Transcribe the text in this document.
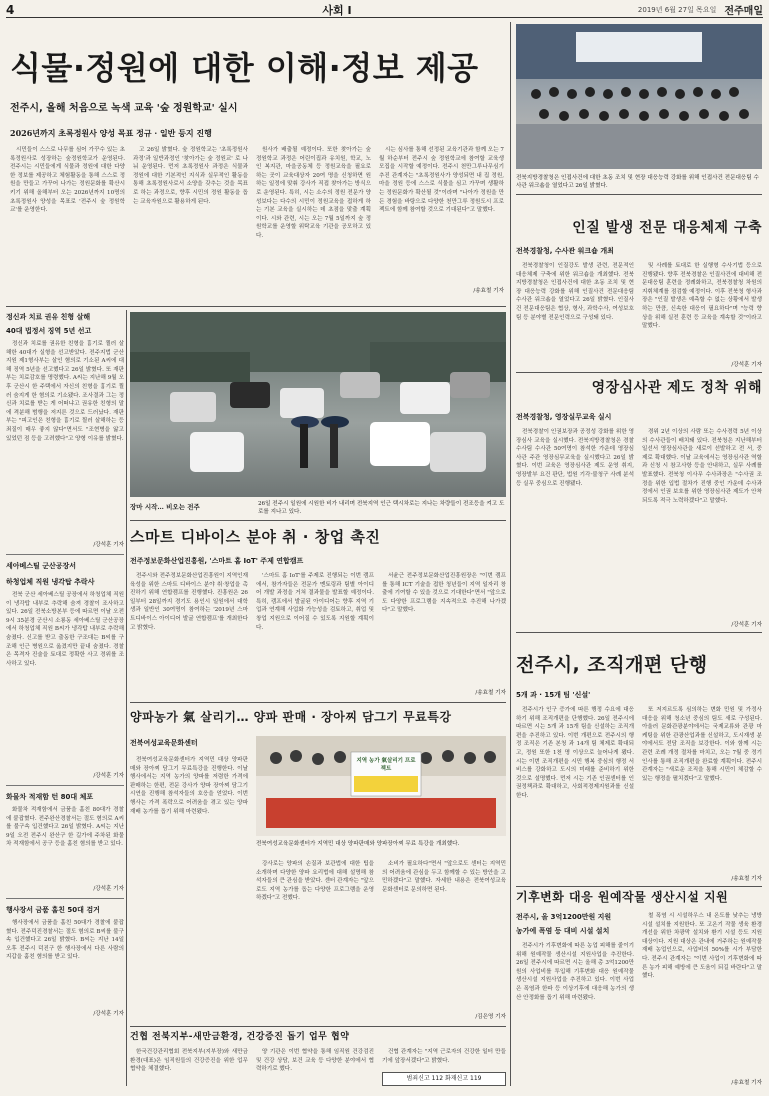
4	사회 Ⅰ	2019년 6월 27일 목요일 전주매일
식물·정원에 대한 이해·정보 제공
전주시, 올해 처음으로 녹색 교육 '숲 정원학교' 실시
2026년까지 초록정원사 양성 목표 정규 · 일반 등지 진행

시민들이 스스로 나무를 심어 가꾸수 있는 초록정원사로 성장하는 숲정원학교가 운영된다. 전주시는 시민들에게 식물과 정원에 대한 다양한 정보를 제공하고 체험활동을 통해 스스로 정원을 만들고 가꾸어 나가는 정원문화를 확산시키기 위해 올해부터 오는 2026년까지 10명의 초록정원사 양성을 목표로 '전주시 숲 정원학교'를 운영한다.

고 26일 밝혔다. 숲 정원학교는 '초록정원사 과정'과 일반과정인 '찾아가는 숲 정원교' 로 나눠 운영된다. 먼저 초록정원사 과정은 식물과 정원에 대한 기본적인 지식과 실무적인 활동을 통해 초록정원사로서 소양을 갖추는 것을 목표로 하는 과정으로, 향후 시민의 정원 활동을 돕는 교육자원으로 활용하게 된다.

원사가 배출될 예정이다. 또한 찾아가는 숲 정원학교 과정은 어린이집과 유치원, 학교, 노인 복지관, 마을공동체 등 정원교육을 필요로 하는 곳이 교육대상자 20여 명을 신청하면 원하는 일정에 맞춰 강사가 직접 찾아가는 방식으로 운영된다. 특히, 시는 소수의 정원 전문가 양성보다는 다수의 시민이 정원교육을 접하게 하는 기본 교육을 실시하는 데 초점을 맞출 계획이다. 시와 관련, 시는 오는 7월 5일까지 숲 정원학교를 운영할 위탁교육 기관을 공모하고 있다.

시는 심사를 통해 선정된 교육기관과 함께 오는 7월 하순부터 전주시 숲 정원학교에 참여할 교육생 모집을 시작할 예정이다. 전주시 천만그루나무심기추진 관계자는 "초록정원사가 양성되면 내 집 정원, 마을 정원 등에 스스로 식물을 심고 가꾸며 생활하는 정원문화가 확산될 것"이라며 "나아가 정원을 만든 경험을 바탕으로 다양한 천만그루 정원도시 프로젝트에 함께 참여할 것으로 기대된다"고 말했다.

/송효철 기자
정신과 치료 권유 친형 살해
40대 법정서 징역 5년 선고

정신과 치료를 권유한 친형을 흉기로 찔러 살해한 40대가 실형을 선고받았다. 전주지법 군산지원 제1형사부는 살인 혐의로 기소된 A씨에 대해 징역 5년을 선고했다고 26일 밝혔다. 또 재판부는 치료감호를 명령했다. A씨는 지난해 9월 오후 군산시 한 주택에서 자신의 친형을 흉기로 찔러 숨지게 한 혐의로 기소됐다. 조사결과 그는 정신과 치료를 받는 게 어떠냐고 권유한 친형의 말에 격분해 범행을 저지른 것으로 드러났다. 재판부는 "피고인은 친형을 흉기로 찔러 살해하는 등 죄질이 매우 좋지 않다"면서도 "조현병을 앓고 있었던 점 등을 고려했다"고 양형 이유를 밝혔다.

/강석훈 기자
세아베스틸 군산공장서
하청업체 직원 냉각탑 추락사

전북 군산 세아베스틸 공장에서 하청업체 직원이 냉각탑 내부로 추락해 숨져 경찰이 조사하고 있다. 26일 전북소방본부 등에 따르면 이날 오전 9시 35분경 군산시 소룡동 세아베스틸 군산공장에서 하청업체 직원 B씨가 냉각탑 내부로 추락해 숨졌다. 신고를 받고 출동한 구조대는 B씨를 구조해 인근 병원으로 옮겼지만 끝내 숨졌다. 경찰은 목격자 진술을 토대로 정확한 사고 경위를 조사하고 있다.

/강석훈 기자
화물차 적재함 턴 80대 체포

화물차 적재함에서 금품을 훔친 80대가 경찰에 붙잡혔다. 전주완산경찰서는 절도 혐의로 A씨를 불구속 입건했다고 26일 밝혔다. A씨는 지난 9일 오전 전주시 완산구 한 길가에 주차된 화물차 적재함에서 공구 등을 훔친 혐의를 받고 있다.

/강석훈 기자
행사장서 금품 훔친 50대 검거

행사장에서 금품을 훔친 50대가 경찰에 붙잡혔다. 전주덕진경찰서는 절도 혐의로 B씨를 불구속 입건했다고 26일 밝혔다. B씨는 지난 14일 오후 전주시 덕진구 한 행사장에서 다른 사람의 지갑을 훔친 혐의를 받고 있다.

/강석훈 기자
장마 시작… 비오는 전주	26일 전주시 일원에 시원한 비가 내리며 전북지역 인근 택시차로는 지나는 차량들이 전조등을 켜고 도로를 지나고 있다.
스마트 디바이스 분야 취 · 창업 촉진
전주정보문화산업진흥원, '스마트 홈 IoT' 주제 연합캠프

전주시와 전주정보문화산업진흥원이 지역인재 육성을 위한 스마트 디바이스 분야 취·창업을 촉진하기 위해 연합캠프를 진행했다. 진흥원은 26일부터 28일까지 경기도 용인시 일원에서 대학생과 일반인 30여명이 참여하는 '2019년 스마트디바이스 아이디어 발굴 연합캠프'를 개최한다고 밝혔다.

'스마트 홈 IoT'를 주제로 진행되는 이번 캠프에서, 참가자들은 전문가 멘토링과 팀별 아이디어 개발 과정을 거쳐 결과물을 발표할 예정이다. 특히, 캠프에서 발굴된 아이디어는 향후 지역 기업과 연계해 사업화 가능성을 검토하고, 취업 및 창업 지원으로 이어질 수 있도록 지원할 계획이다.

서윤근 전주정보문화산업진흥원장은 "이번 캠프를 통해 ICT 기술을 접한 청년들이 지역 일자리 창출에 기여할 수 있을 것으로 기대한다"면서 "앞으로도 다양한 프로그램을 지속적으로 추진해 나가겠다"고 말했다.

/송효철 기자
양파농가 氣 살리기… 양파 판매 · 장아찌 담그기 무료특강
전북여성교육문화센터

전북여성교육문화센터가 지역민 대상 양파판매와 장아찌 담그기 무료특강을 진행한다. 이날 행사에서는 지역 농가의 양파를 저렴한 가격에 판매하는 한편, 전문 강사가 양파 장아찌 담그기 시연을 진행해 참석자들의 호응을 얻었다. 이번 행사는 가격 폭락으로 어려움을 겪고 있는 양파 재배 농가를 돕기 위해 마련됐다.

지역 농가 氣살리기 프로젝트
전북여성교육문화센터가 지역민 대상 양파판매와 양파장아찌 무료 특강을 개최했다.

강사로는 양파의 손질과 보관법에 대한 팁을 소개하며 다양한 양파 요리법에 대해 설명해 참석자들의 큰 관심을 받았다. 센터 관계자는 "앞으로도 지역 농가를 돕는 다양한 프로그램을 운영하겠다"고 전했다.

소비가 필요하다"면서 "앞으로도 센터는 지역민의 어려움에 관심을 두고 함께할 수 있는 방안을 고민하겠다"고 말했다. 자세한 내용은 전북여성교육문화센터로 문의하면 된다.

/김은영 기자
건협 전북지부-새만금환경, 건강증진 돕기 업무 협약

한국건강관리협회 전북지부(지부장)와 새만금환경(대표)은 임직원들의 건강증진을 위한 업무협약을 체결했다.

양 기관은 이번 협약을 통해 임직원 건강검진 및 건강 상담, 보건 교육 등 다양한 분야에서 협력하기로 했다.

건협 관계자는 "지역 근로자의 건강한 일터 만들기에 앞장서겠다"고 밝혔다.

범죄신고 112 화재신고 119
전북지방경찰청은 인접사건에 대한 초동 조치 및 현장 대응능력 강화를 위해 인접사건 전문대응팀 수사관 워크숍을 열었다고 26일 밝혔다.
인질 발생 전문 대응체제 구축
전북경찰청, 수사관 워크숍 개최

전북경찰청이 인질강도 발생 관련, 전문적인 대응체제 구축에 위한 워크숍을 개최했다. 전북지방경찰청은 인접사건에 대한 초동 조치 및 현장 대응능력 강화를 위해 인질사건 전문대응팀 수사관 워크숍을 열었다고 26일 밝혔다. 인질사건 전문대응팀은 협상, 형사, 과학수사, 여성보호팀 등 분야별 전문인력으로 구성돼 있다.

및 사례를 토대로 한 실행형 수사기법 등으로 진행됐다. 향후 전북경찰은 인질사건에 대비해 전문대응팀 훈련을 정례화하고, 전북경찰청 차원의 지휘체계를 점검할 예정이다. 이후 전북청 형사과장은 "인질 발생은 예측할 수 없는 상황에서 발생하는 만큼, 신속한 대응이 필요하다"며 "능력 향상을 위해 실전 훈련 등 교육을 계속할 것"이라고 말했다.

/강석훈 기자
영장심사관 제도 정착 위해
전북경찰청, 영장실무교육 실시

전북경찰이 인권보장과 공정성 강화를 위한 영장심사 교육을 실시했다. 전북지방경찰청은 경찰수사팀 수사관 50여명이 참석한 가운데 영장심사관 주관 영장심무교육을 실시했다고 26일 밝혔다. 이번 교육은 영장심사관 제도 운영 취지, 영장발부 요건 판단, 법원 기각·불청구 사례 분석 등 실무 중심으로 진행됐다.

경위 2년 이상의 사람 또는 수사경력 5년 이상의 수사관들이 배치돼 있다. 전북청은 지난해부터 일선서 영장심사관을 새로이 선발하고 전 서, 중제로 확대했다. 이날 교육에서는 영장심사관 역할과 신청 시 참고사항 등을 안내하고, 실무 사례를 발표했다. 전북청 이사무 수사과장은 "수사권 조정을 위한 입법 절차가 진행 중인 가운데 수사과정에서 인권 보호를 위한 영장심사관 제도가 안착되도록 적극 노력하겠다"고 말했다.

/강석훈 기자
전주시, 조직개편 단행
5개 과 · 15개 팀 '신설'

전주시가 인구 증가에 따른 행정 수요에 대응하기 위해 조직개편을 단행했다. 26일 전주시에 따르면 시는 5개 과 15개 팀을 신설하는 조직개편을 추진하고 있다. 이번 개편으로 전주시의 행정 조직은 기존 본청 과 14개 팀 체제로 확대되고, 정원 또한 1천 명 이상으로 늘어나게 됐다. 시는 이번 조직개편을 시민 행복 중심의 행정 서비스를 강화하고 도시의 미래를 준비하기 위한 것으로 설명했다. 먼저 시는 기존 인권센터를 인권정책과로 확대하고, 사회적경제지원과를 신설한다.

또 저지르도록 심의하는 변화 민원 및 가정사 대응을 위해 청소년 중심의 팀도 새로 구성된다. 아울러 문화관광분야에서는 국제교류와 관광 마케팅을 위한 관광산업과를 신설하고, 도시재생 분야에서도 전담 조직을 보강한다. 이와 함께 시는 관련 조례 개정 절차를 마치고, 오는 7월 중 정기인사를 통해 조직개편을 완료할 계획이다. 전주시 관계자는 "새로운 조직을 통해 시민이 체감할 수 있는 행정을 펼치겠다"고 말했다.

/송효철 기자
기후변화 대응 원예작물 생산시설 지원
전주시, 올 3억1200만원 지원
농가에 폭염 등 대비 시설 설치

전주시가 기후변화에 따른 농업 피해를 줄이기 위해 원예작물 생산시설 지원사업을 추진한다. 26일 전주시에 따르면 시는 올해 총 3억1200만원의 사업비를 투입해 기후변화 대응 원예작물 생산시설 지원사업을 추진하고 있다. 이번 사업은 폭염과 한파 등 이상기후에 대응해 농가의 생산 안정화를 돕기 위해 마련됐다.

철 폭염 시 시설하우스 내 온도를 낮추는 냉방 시설 설치를 지원한다. 또 고온기 작물 생육 환경 개선을 위한 차광막 설치와 환기 시설 등도 지원 대상이다. 지원 대상은 관내에 거주하는 원예작물 재배 농업인으로, 사업비의 50%를 시가 부담한다. 전주시 관계자는 "이번 사업이 기후변화에 따른 농가 피해 예방에 큰 도움이 되길 바란다"고 말했다.

/송효철 기자
